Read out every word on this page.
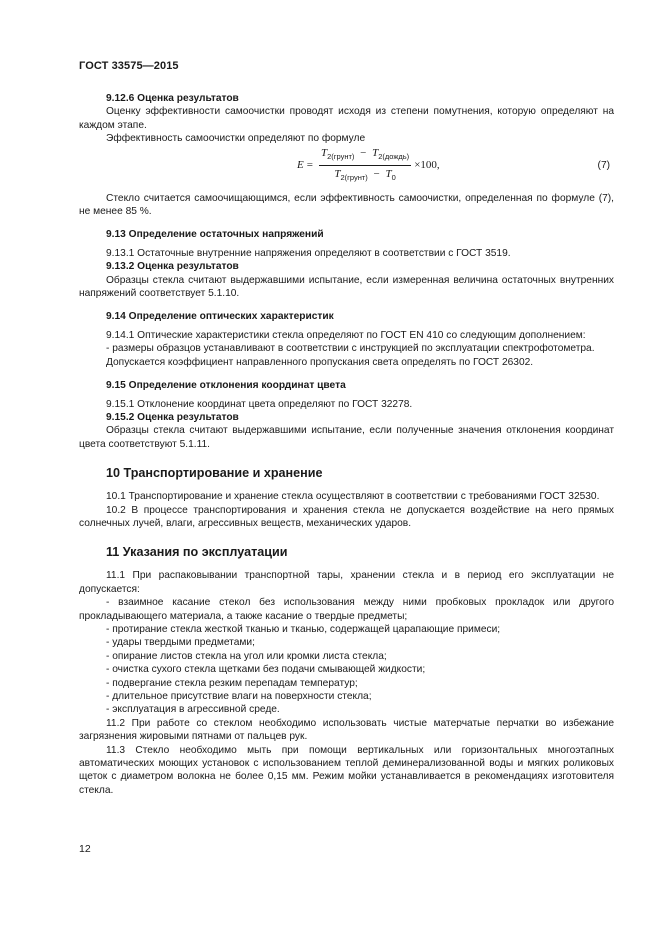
ГОСТ 33575—2015

9.12.6 Оценка результатов

Оценку эффективности самоочистки проводят исходя из степени помутнения, которую определяют на каждом этапе.

Эффективность самоочистки определяют по формуле

$E = \frac{T_{2(грунт)} - T_{2(дождь)}}{T_{2(грунт)} - T_0} \times 100$,	(7)

Стекло считается самоочищающимся, если эффективность самоочистки, определенная по формуле (7), не менее 85 %.

9.13 Определение остаточных напряжений

9.13.1 Остаточные внутренние напряжения определяют в соответствии с ГОСТ 3519.

9.13.2 Оценка результатов

Образцы стекла считают выдержавшими испытание, если измеренная величина остаточных внутренних напряжений соответствует 5.1.10.

9.14 Определение оптических характеристик

9.14.1 Оптические характеристики стекла определяют по ГОСТ EN 410 со следующим дополнением:

- размеры образцов устанавливают в соответствии с инструкцией по эксплуатации спектрофотометра.

Допускается коэффициент направленного пропускания света определять по ГОСТ 26302.

9.15 Определение отклонения координат цвета

9.15.1 Отклонение координат цвета определяют по ГОСТ 32278.

9.15.2 Оценка результатов

Образцы стекла считают выдержавшими испытание, если полученные значения отклонения координат цвета соответствуют 5.1.11.

10 Транспортирование и хранение

10.1 Транспортирование и хранение стекла осуществляют в соответствии с требованиями ГОСТ 32530.

10.2 В процессе транспортирования и хранения стекла не допускается воздействие на него прямых солнечных лучей, влаги, агрессивных веществ, механических ударов.

11 Указания по эксплуатации

11.1 При распаковывании транспортной тары, хранении стекла и в период его эксплуатации не допускается:

- взаимное касание стекол без использования между ними пробковых прокладок или другого прокладывающего материала, а также касание о твердые предметы;

- протирание стекла жесткой тканью и тканью, содержащей царапающие примеси;

- удары твердыми предметами;

- опирание листов стекла на угол или кромки листа стекла;

- очистка сухого стекла щетками без подачи смывающей жидкости;

- подвергание стекла резким перепадам температур;

- длительное присутствие влаги на поверхности стекла;

- эксплуатация в агрессивной среде.

11.2 При работе со стеклом необходимо использовать чистые матерчатые перчатки во избежание загрязнения жировыми пятнами от пальцев рук.

11.3 Стекло необходимо мыть при помощи вертикальных или горизонтальных многоэтапных автоматических моющих установок с использованием теплой деминерализованной воды и мягких роликовых щеток с диаметром волокна не более 0,15 мм. Режим мойки устанавливается в рекомендациях изготовителя стекла.

12
